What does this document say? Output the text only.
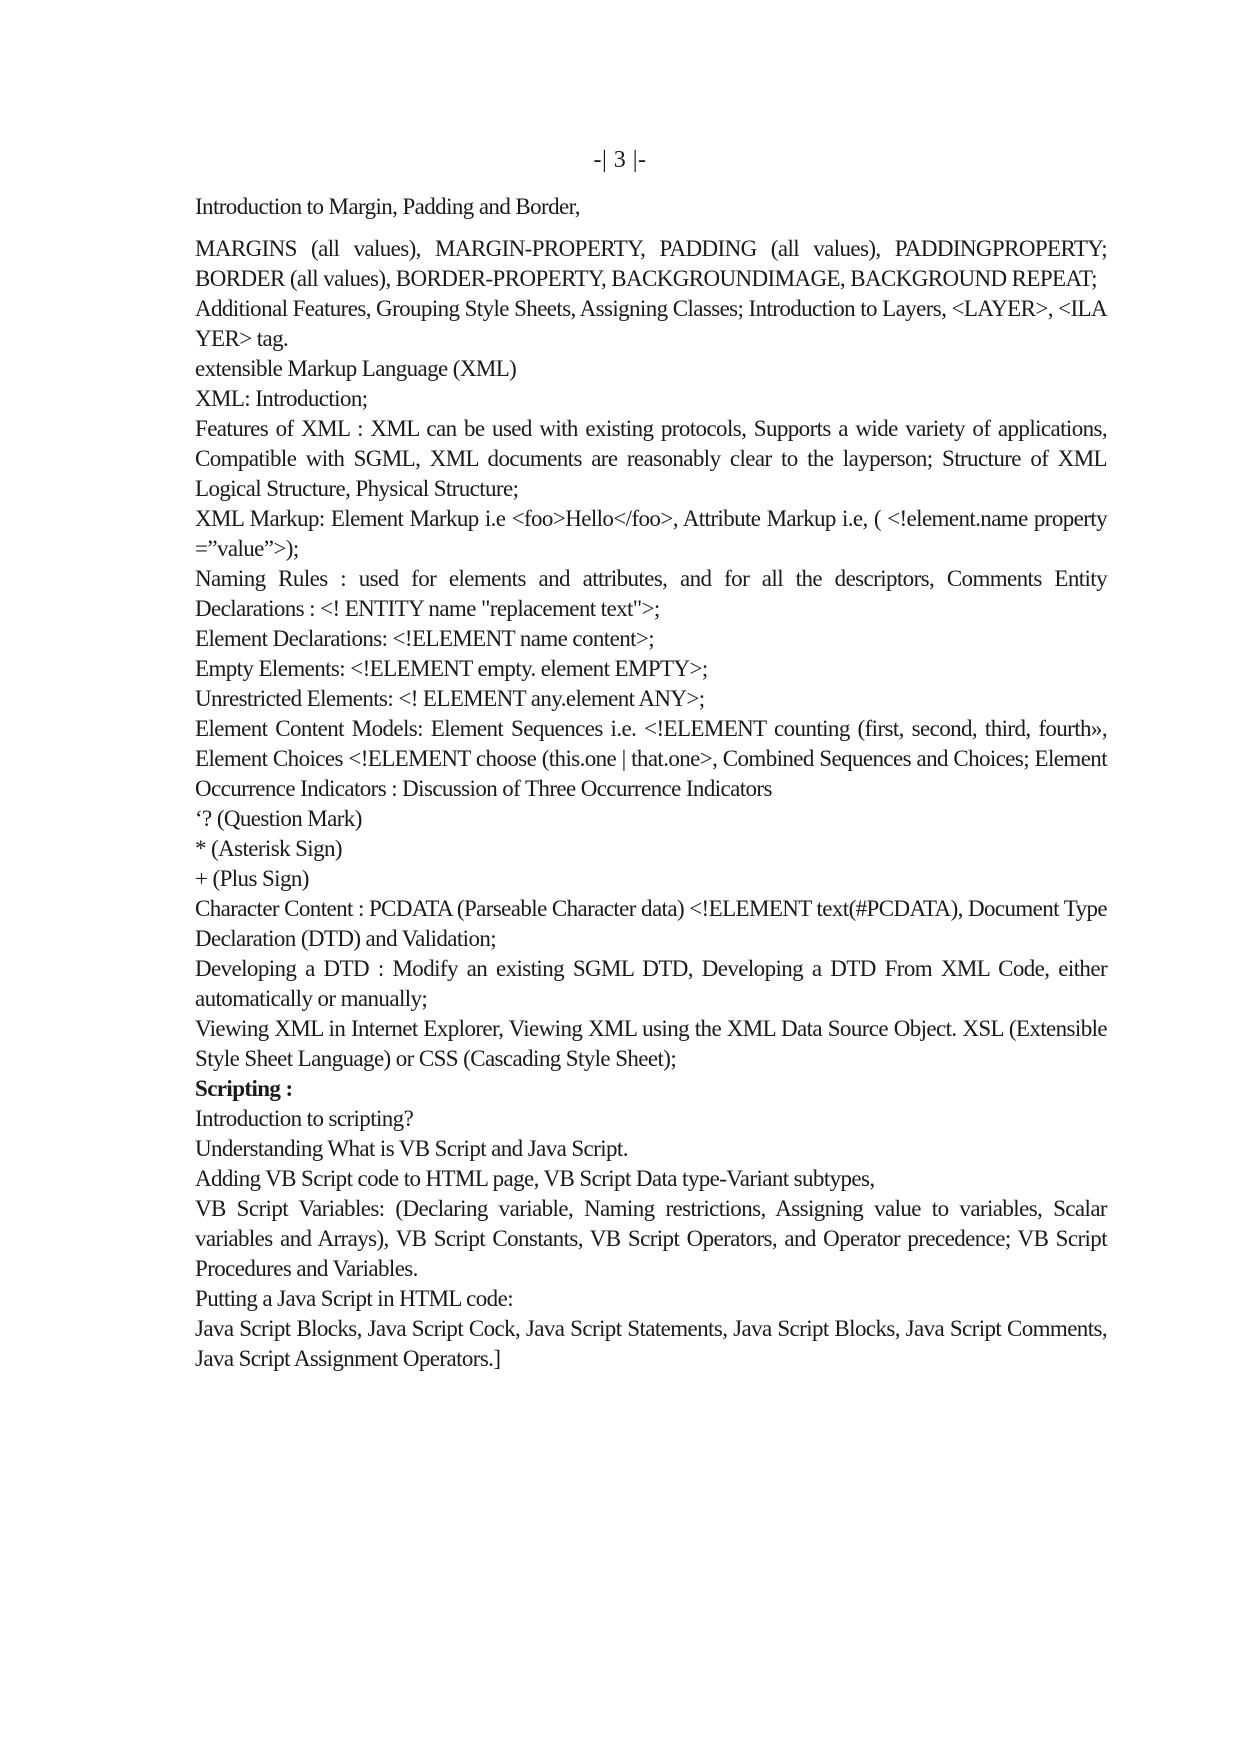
-| 3 |-

Introduction to Margin, Padding and Border,

MARGINS (all values), MARGIN-PROPERTY, PADDING (all values), PADDINGPROPERTY; BORDER (all values), BORDER-PROPERTY, BACKGROUNDIMAGE, BACKGROUND REPEAT;

Additional Features, Grouping Style Sheets, Assigning Classes; Introduction to Layers, <LAYER>, <ILA YER> tag.

extensible Markup Language (XML)

XML: Introduction;

Features of XML : XML can be used with existing protocols, Supports a wide variety of applications, Compatible with SGML, XML documents are reasonably clear to the layperson; Structure of XML Logical Structure, Physical Structure;

XML Markup: Element Markup i.e <foo>Hello</foo>, Attribute Markup i.e, ( <!element.name property =”value”>);

Naming Rules : used for elements and attributes, and for all the descriptors, Comments Entity Declarations : <! ENTITY name "replacement text">;

Element Declarations: <!ELEMENT name content>;

Empty Elements: <!ELEMENT empty. element EMPTY>;

Unrestricted Elements: <! ELEMENT any.element ANY>;

Element Content Models: Element Sequences i.e. <!ELEMENT counting (first, second, third, fourth», Element Choices <!ELEMENT choose (this.one | that.one>, Combined Sequences and Choices; Element Occurrence Indicators : Discussion of Three Occurrence Indicators

‘? (Question Mark)

* (Asterisk Sign)

+ (Plus Sign)

Character Content : PCDATA (Parseable Character data) <!ELEMENT text(#PCDATA), Document Type Declaration (DTD) and Validation;

Developing a DTD : Modify an existing SGML DTD, Developing a DTD From XML Code, either automatically or manually;

Viewing XML in Internet Explorer, Viewing XML using the XML Data Source Object. XSL (Extensible Style Sheet Language) or CSS (Cascading Style Sheet);

Scripting :

Introduction to scripting?

Understanding What is VB Script and Java Script.

Adding VB Script code to HTML page, VB Script Data type-Variant subtypes,

VB Script Variables: (Declaring variable, Naming restrictions, Assigning value to variables, Scalar variables and Arrays), VB Script Constants, VB Script Operators, and Operator precedence; VB Script Procedures and Variables.

Putting a Java Script in HTML code:

Java Script Blocks, Java Script Cock, Java Script Statements, Java Script Blocks, Java Script Comments, Java Script Assignment Operators.]
